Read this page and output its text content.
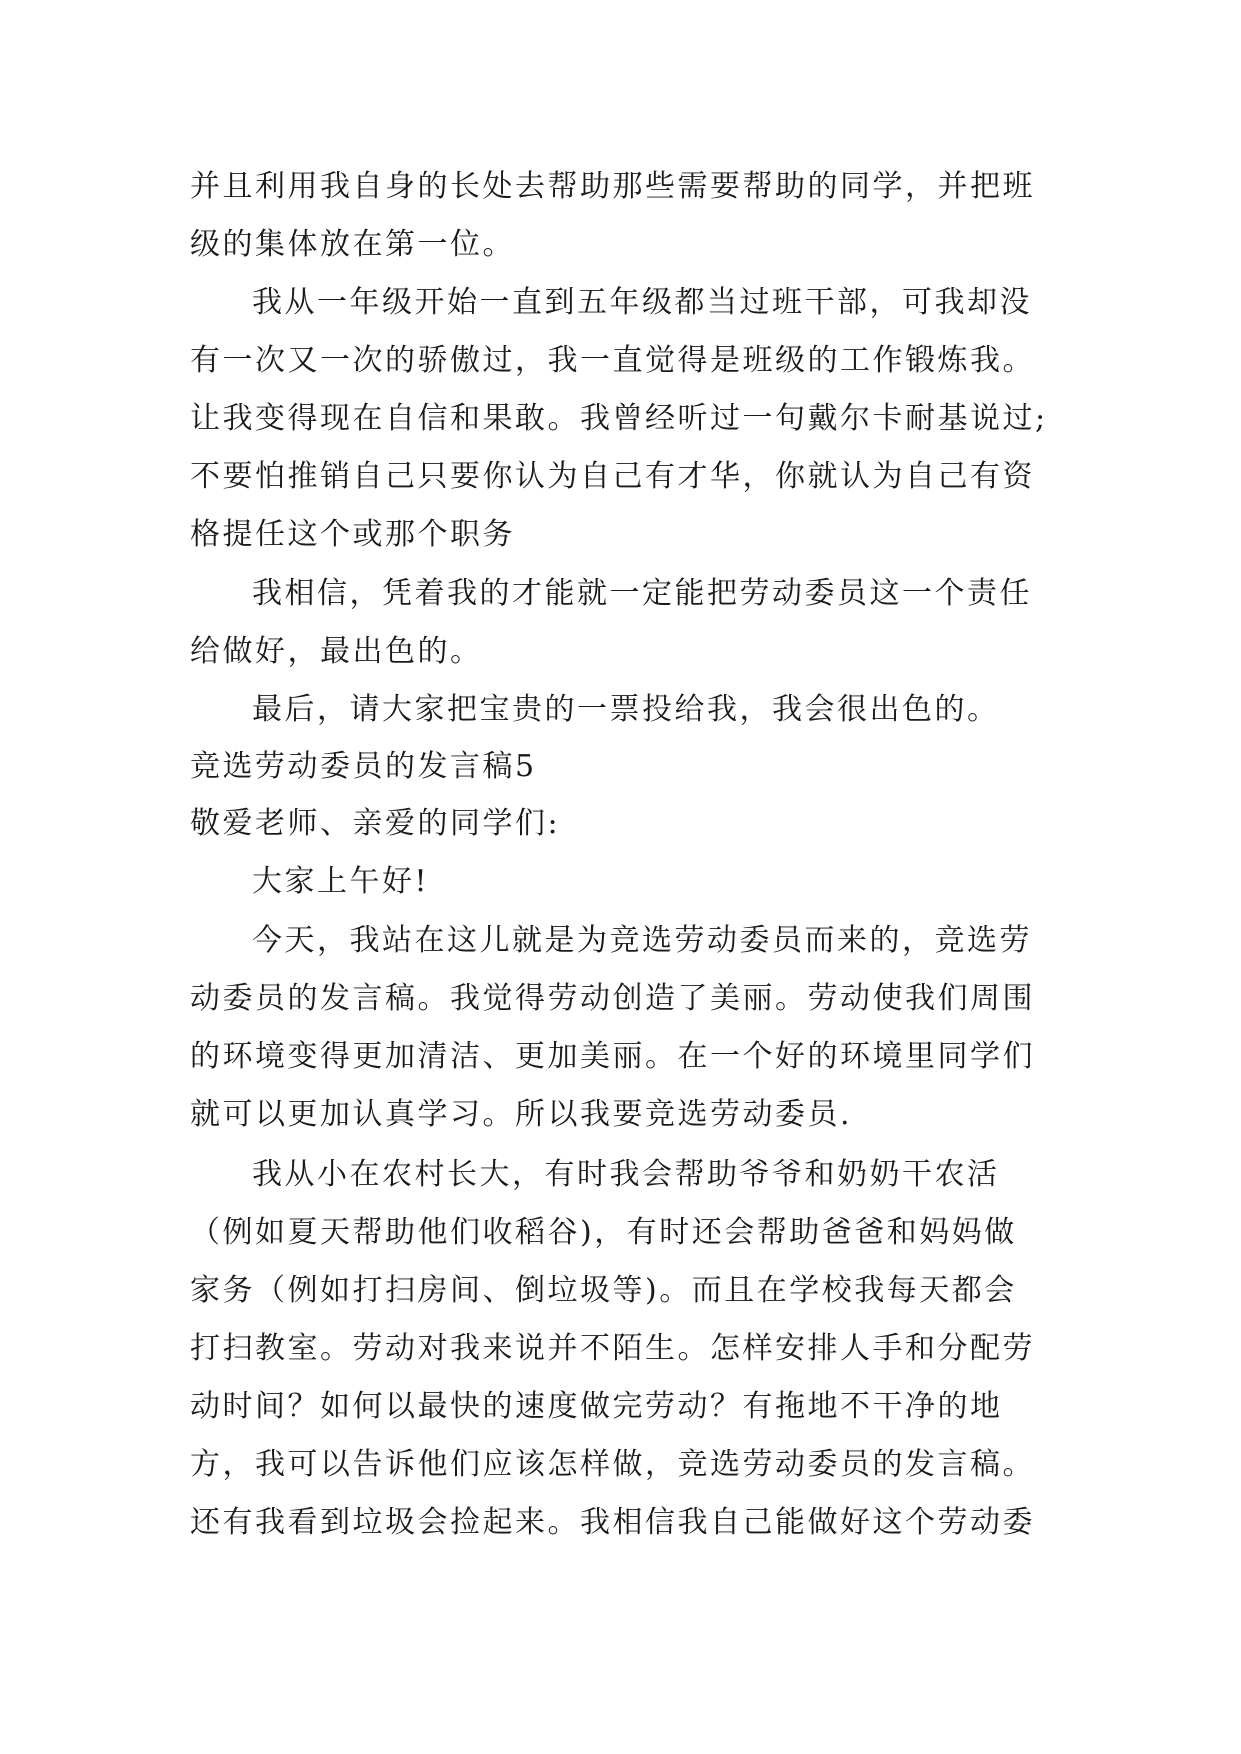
并且利用我自身的长处去帮助那些需要帮助的同学，并把班
级的集体放在第一位。
我从一年级开始一直到五年级都当过班干部，可我却没
有一次又一次的骄傲过，我一直觉得是班级的工作锻炼我。
让我变得现在自信和果敢。我曾经听过一句戴尔卡耐基说过;
不要怕推销自己只要你认为自己有才华，你就认为自己有资
格提任这个或那个职务
我相信，凭着我的才能就一定能把劳动委员这一个责任
给做好，最出色的。
最后，请大家把宝贵的一票投给我，我会很出色的。
竞选劳动委员的发言稿5
敬爱老师、亲爱的同学们:
大家上午好!
今天，我站在这儿就是为竞选劳动委员而来的，竞选劳
动委员的发言稿。我觉得劳动创造了美丽。劳动使我们周围
的环境变得更加清洁、更加美丽。在一个好的环境里同学们
就可以更加认真学习。所以我要竞选劳动委员.
我从小在农村长大，有时我会帮助爷爷和奶奶干农活
（例如夏天帮助他们收稻谷)，有时还会帮助爸爸和妈妈做
家务（例如打扫房间、倒垃圾等)。而且在学校我每天都会
打扫教室。劳动对我来说并不陌生。怎样安排人手和分配劳
动时间？如何以最快的速度做完劳动？有拖地不干净的地
方，我可以告诉他们应该怎样做，竞选劳动委员的发言稿。
还有我看到垃圾会捡起来。我相信我自己能做好这个劳动委
